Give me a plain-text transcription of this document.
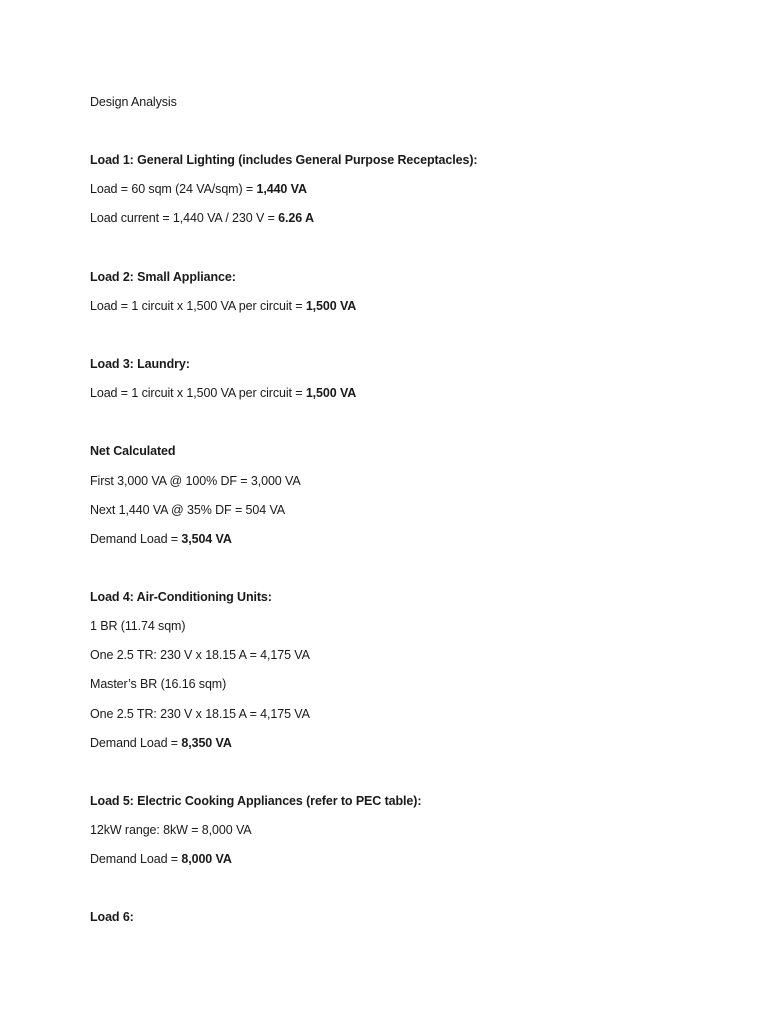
Design Analysis
Load 1: General Lighting (includes General Purpose Receptacles):
Load = 60 sqm (24 VA/sqm) = 1,440 VA
Load current = 1,440 VA / 230 V = 6.26 A
Load 2: Small Appliance:
Load = 1 circuit x 1,500 VA per circuit = 1,500 VA
Load 3: Laundry:
Load = 1 circuit x 1,500 VA per circuit = 1,500 VA
Net Calculated
First 3,000 VA @ 100% DF = 3,000 VA
Next 1,440 VA @ 35% DF = 504 VA
Demand Load = 3,504 VA
Load 4: Air-Conditioning Units:
1 BR (11.74 sqm)
One 2.5 TR: 230 V x 18.15 A = 4,175 VA
Master’s BR (16.16 sqm)
One 2.5 TR: 230 V x 18.15 A = 4,175 VA
Demand Load = 8,350 VA
Load 5: Electric Cooking Appliances (refer to PEC table):
12kW range: 8kW = 8,000 VA
Demand Load = 8,000 VA
Load 6:
